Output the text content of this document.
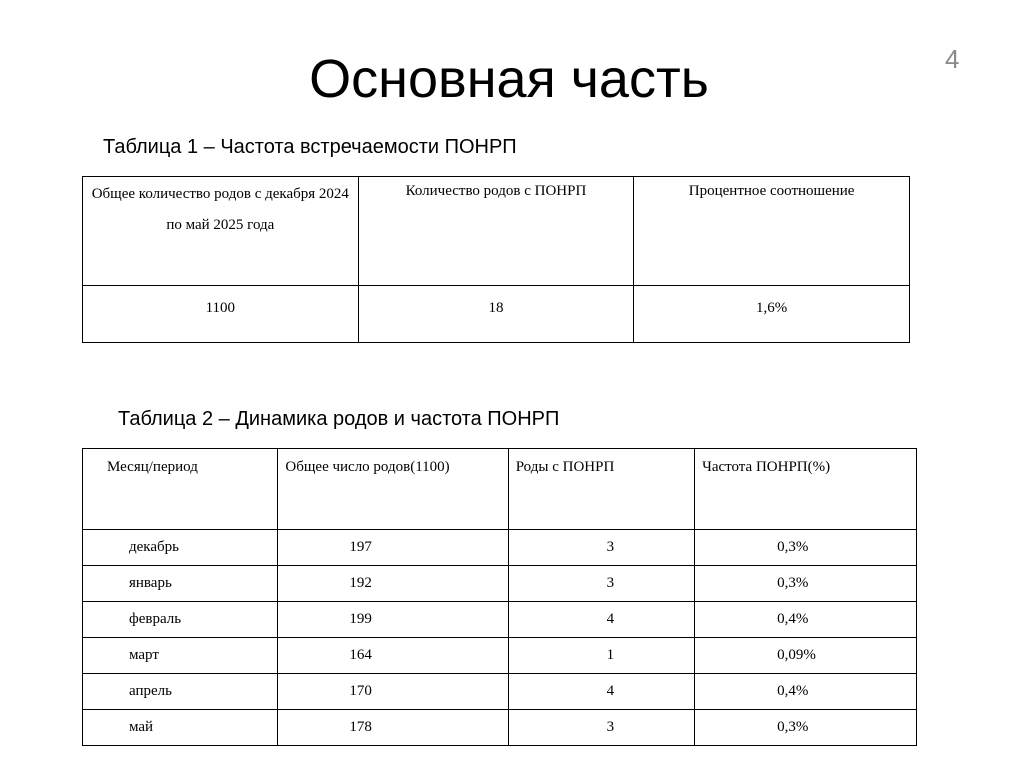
4
Основная часть
Таблица 1 – Частота встречаемости ПОНРП
Общее количество родов с декабря 2024 по май 2025 года	Количество родов с ПОНРП	Процентное соотношение
1100	18	1,6%
Таблица 2 – Динамика родов и частота ПОНРП
Месяц/период	Общее число родов(1100)	Роды с ПОНРП	Частота ПОНРП(%)
декабрь	197	3	0,3%
январь	192	3	0,3%
февраль	199	4	0,4%
март	164	1	0,09%
апрель	170	4	0,4%
май	178	3	0,3%
